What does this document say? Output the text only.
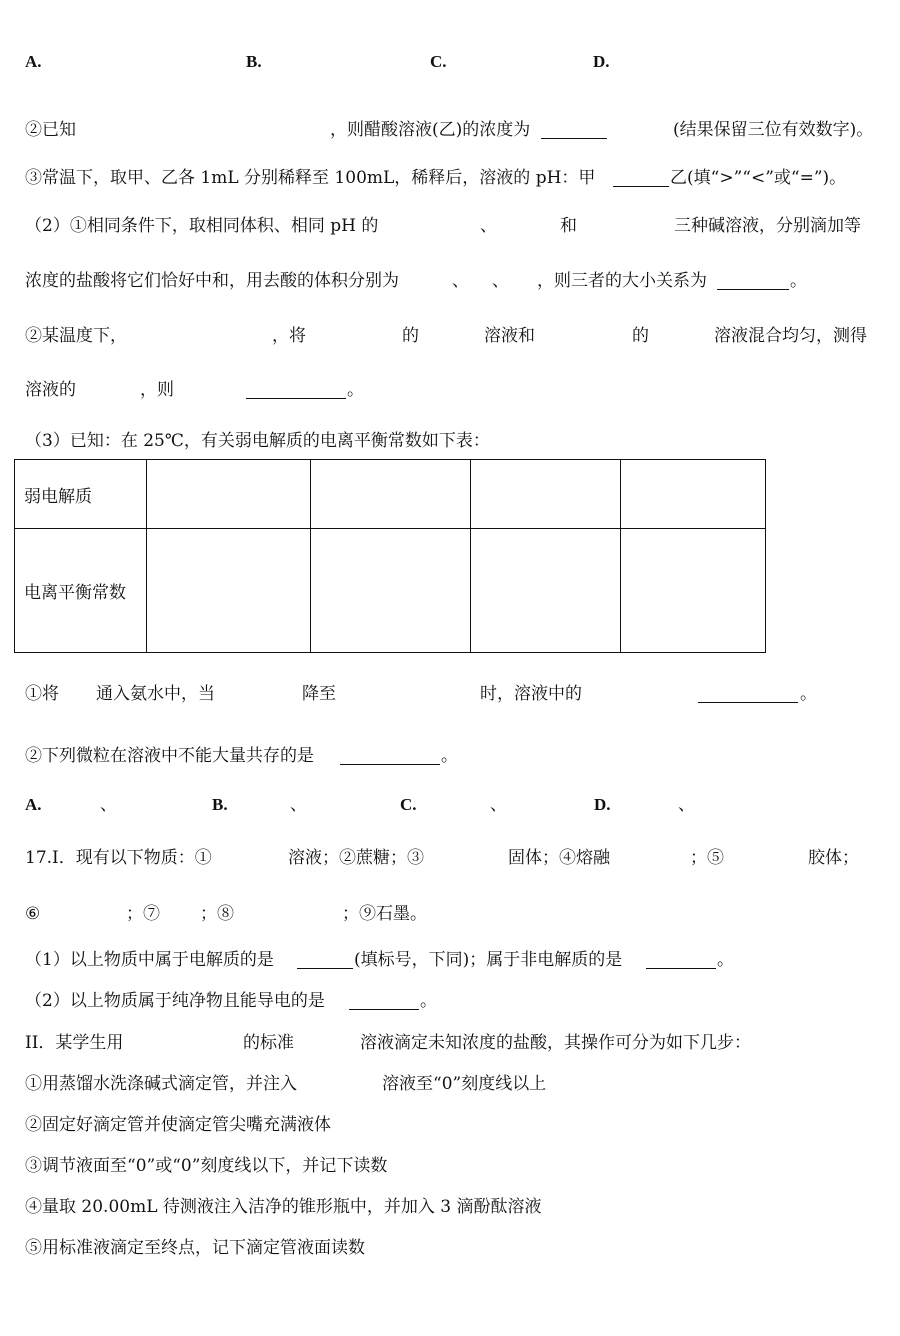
A.	B.	C.	D.
②已知	，则醋酸溶液(乙)的浓度为	(结果保留三位有效数字)。
③常温下，取甲、乙各 1mL 分别稀释至 100mL，稀释后，溶液的 pH：甲	乙(填“>”“<”或“=”)。
（2）①相同条件下，取相同体积、相同 pH 的	、	和	三种碱溶液，分别滴加等
浓度的盐酸将它们恰好中和，用去酸的体积分别为	、 、 ，则三者的大小关系为	。
②某温度下，	，将	的	溶液和	的	溶液混合均匀，测得
溶液的	，则	。
（3）已知：在 25℃，有关弱电解质的电离平衡常数如下表：
弱电解质				
电离平衡常数				
①将 通入氨水中，当	降至	时，溶液中的	。
②下列微粒在溶液中不能大量共存的是	。
A.	、	B.	、	C.	、	D.	、
17.I．现有以下物质：①	溶液；②蔗糖；③	固体；④熔融	；⑤	胶体；
⑥	；⑦ ；⑧	；⑨石墨。
（1）以上物质中属于电解质的是	(填标号，下同)；属于非电解质的是	。
（2）以上物质属于纯净物且能导电的是	。
II．某学生用	的标准	溶液滴定未知浓度的盐酸，其操作可分为如下几步：
①用蒸馏水洗涤碱式滴定管，并注入	溶液至“0”刻度线以上
②固定好滴定管并使滴定管尖嘴充满液体
③调节液面至“0”或“0”刻度线以下，并记下读数
④量取 20.00mL 待测液注入洁净的锥形瓶中，并加入 3 滴酚酞溶液
⑤用标准液滴定至终点，记下滴定管液面读数
